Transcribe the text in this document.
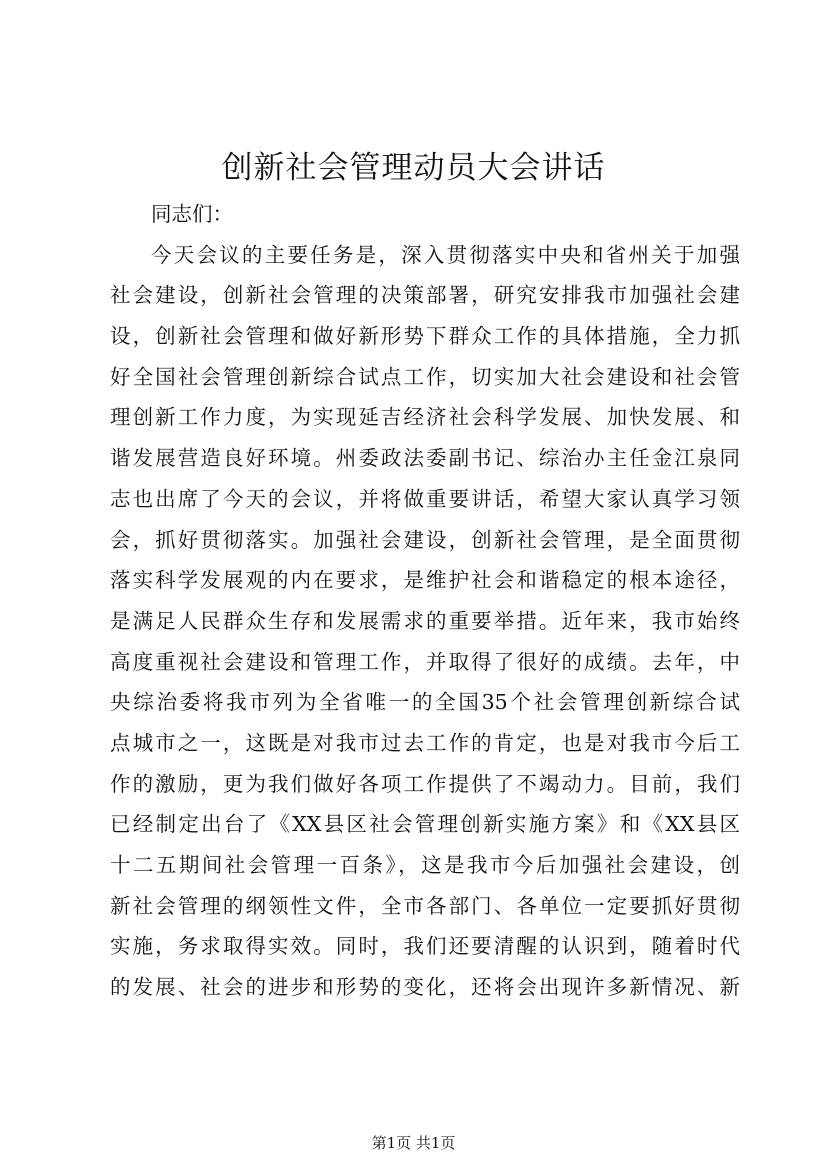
创新社会管理动员大会讲话
同志们：
今天会议的主要任务是，深入贯彻落实中央和省州关于加强
社会建设，创新社会管理的决策部署，研究安排我市加强社会建
设，创新社会管理和做好新形势下群众工作的具体措施，全力抓
好全国社会管理创新综合试点工作，切实加大社会建设和社会管
理创新工作力度，为实现延吉经济社会科学发展、加快发展、和
谐发展营造良好环境。州委政法委副书记、综治办主任金江泉同
志也出席了今天的会议，并将做重要讲话，希望大家认真学习领
会，抓好贯彻落实。加强社会建设，创新社会管理，是全面贯彻
落实科学发展观的内在要求，是维护社会和谐稳定的根本途径，
是满足人民群众生存和发展需求的重要举措。近年来，我市始终
高度重视社会建设和管理工作，并取得了很好的成绩。去年，中
央综治委将我市列为全省唯一的全国35个社会管理创新综合试
点城市之一，这既是对我市过去工作的肯定，也是对我市今后工
作的激励，更为我们做好各项工作提供了不竭动力。目前，我们
已经制定出台了《XX县区社会管理创新实施方案》和《XX县区
十二五期间社会管理一百条》，这是我市今后加强社会建设，创
新社会管理的纲领性文件，全市各部门、各单位一定要抓好贯彻
实施，务求取得实效。同时，我们还要清醒的认识到，随着时代
的发展、社会的进步和形势的变化，还将会出现许多新情况、新
第1页 共1页
